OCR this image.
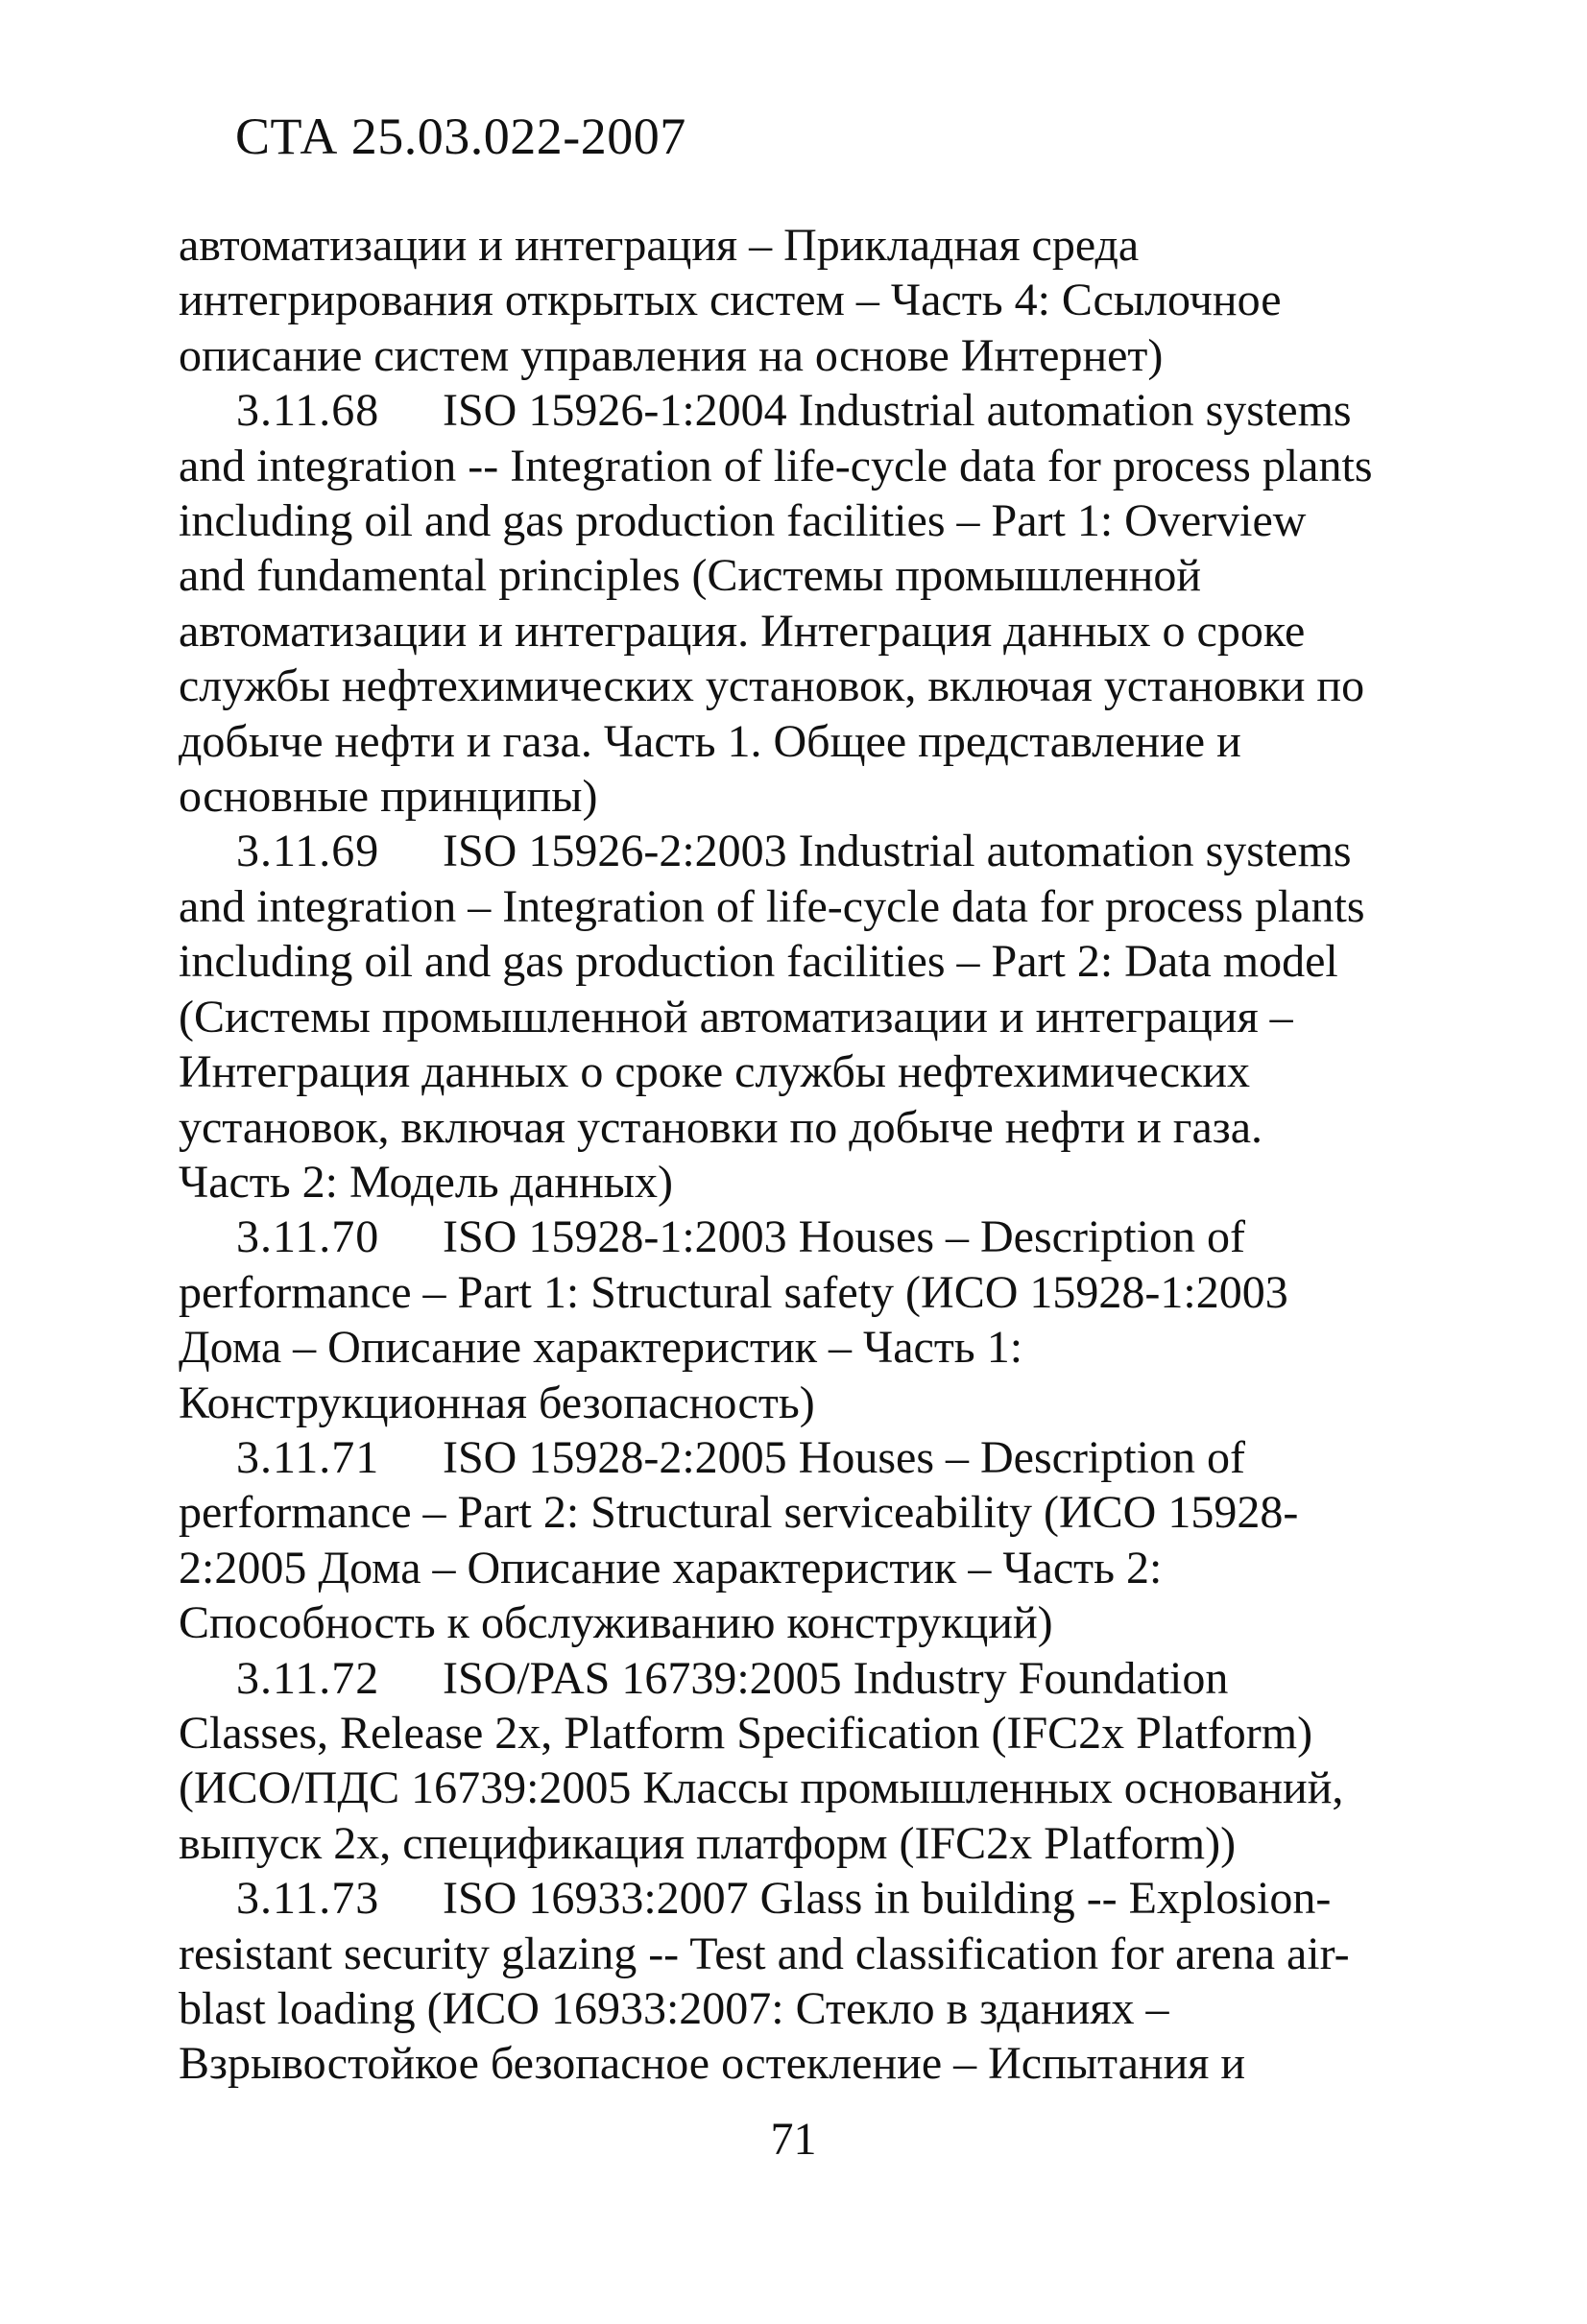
СТА 25.03.022-2007
автоматизации и интеграция – Прикладная среда
интегрирования открытых систем – Часть 4: Ссылочное
описание систем управления на основе Интернет)
3.11.68 ISO 15926-1:2004 Industrial automation systems
and integration -- Integration of life-cycle data for process plants
including oil and gas production facilities – Part 1: Overview
and fundamental principles (Системы промышленной
автоматизации и интеграция. Интеграция данных о сроке
службы нефтехимических установок, включая установки по
добыче нефти и газа. Часть 1. Общее представление и
основные принципы)
3.11.69 ISO 15926-2:2003 Industrial automation systems
and integration – Integration of life-cycle data for process plants
including oil and gas production facilities – Part 2: Data model
(Системы промышленной автоматизации и интеграция –
Интеграция данных о сроке службы нефтехимических
установок, включая установки по добыче нефти и газа.
Часть 2: Модель данных)
3.11.70 ISO 15928-1:2003 Houses – Description of
performance – Part 1: Structural safety (ИСО 15928-1:2003
Дома – Описание характеристик – Часть 1:
Конструкционная безопасность)
3.11.71 ISO 15928-2:2005 Houses – Description of
performance – Part 2: Structural serviceability (ИСО 15928-
2:2005 Дома – Описание характеристик – Часть 2:
Способность к обслуживанию конструкций)
3.11.72 ISO/PAS 16739:2005 Industry Foundation
Classes, Release 2x, Platform Specification (IFC2x Platform)
(ИСО/ПДС 16739:2005 Классы промышленных оснований,
выпуск 2х, спецификация платформ (IFC2x Platform))
3.11.73 ISO 16933:2007 Glass in building -- Explosion-
resistant security glazing -- Test and classification for arena air-
blast loading (ИСО 16933:2007: Стекло в зданиях –
Взрывостойкое безопасное остекление – Испытания и
71
